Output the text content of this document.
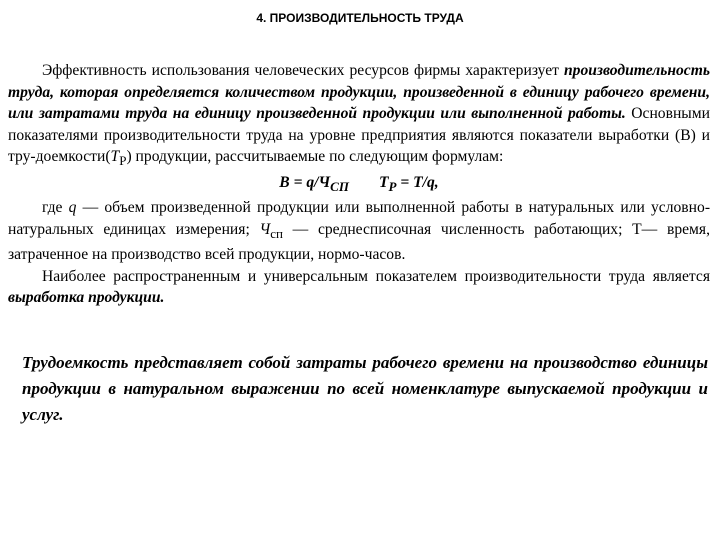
4. ПРОИЗВОДИТЕЛЬНОСТЬ ТРУДА

Эффективность использования человеческих ресурсов фирмы характеризует производительность труда, которая определяется количеством продукции, произведенной в единицу рабочего времени, или затратами труда на единицу произведенной продукции или выполненной работы. Основными показателями производительности труда на уровне предприятия являются показатели выработки (В) и тру-$доемкости(Т_Р)$ продукции, рассчитываемые по следующим формулам:

$В = q/Ч_{СП}$ $Т_Р = Т/q$,

где q — объем произведенной продукции или выполненной работы в натуральных или условно-натуральных единицах измерения; $Ч_{сп}$ — среднесписочная численность работающих; Т— время, затраченное на производство всей продукции, нормо-часов.

Наиболее распространенным и универсальным показателем производительности труда является выработка продукции.

Трудоемкость представляет собой затраты рабочего времени на производство единицы продукции в натуральном выражении по всей номенклатуре выпускаемой продукции и услуг.
